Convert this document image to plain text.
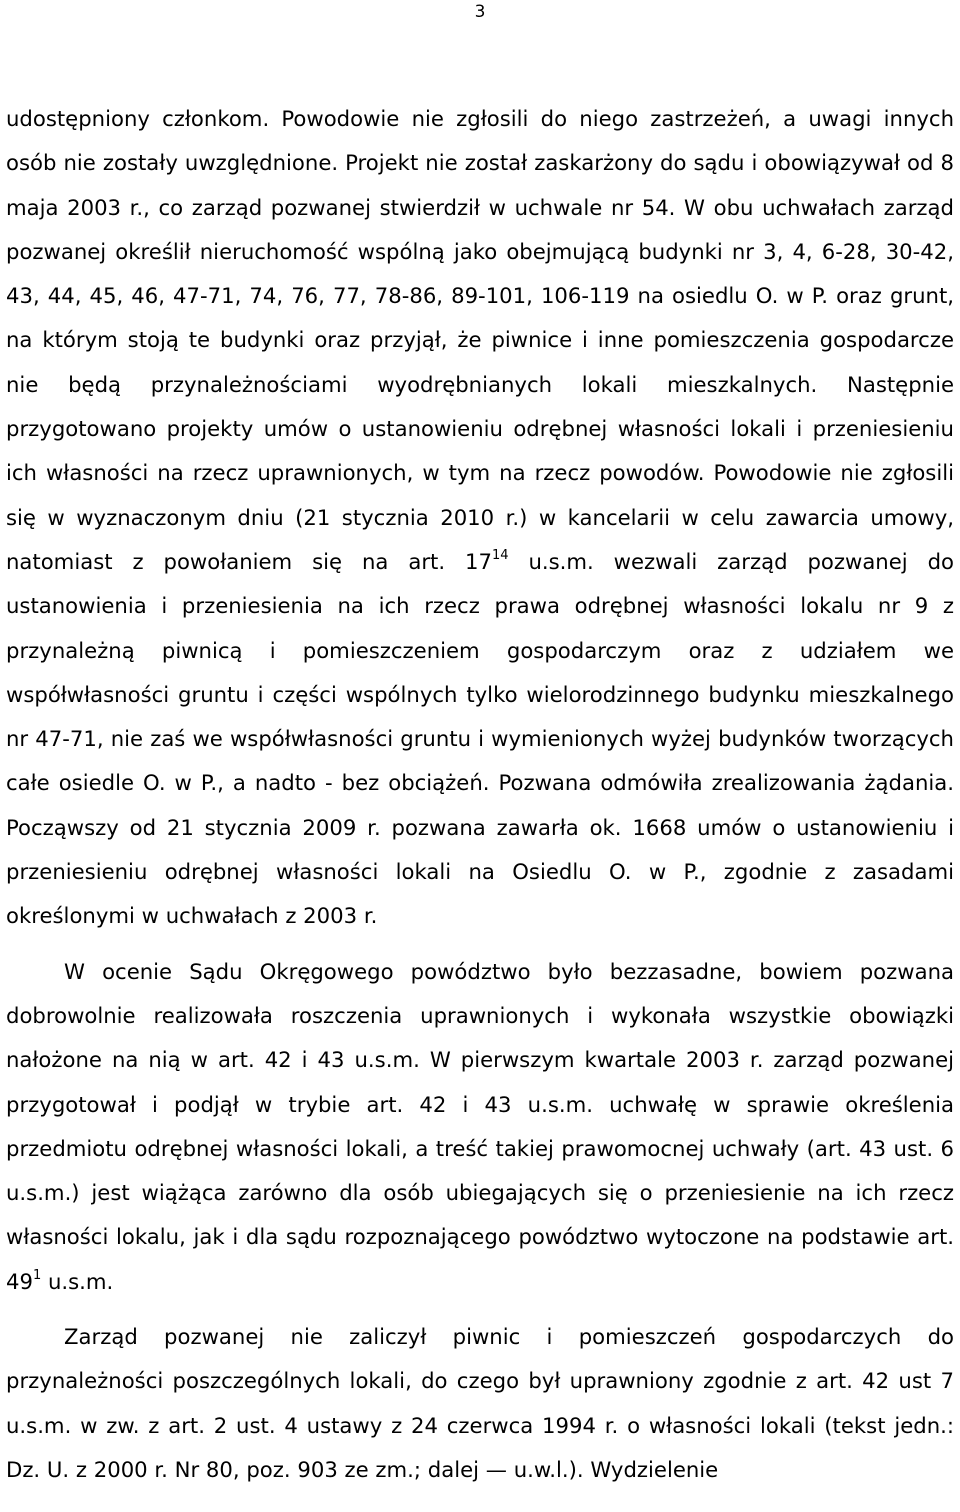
3

udostępniony członkom. Powodowie nie zgłosili do niego zastrzeżeń, a uwagi innych osób nie zostały uwzględnione. Projekt nie został zaskarżony do sądu i obowiązywał od 8 maja 2003 r., co zarząd pozwanej stwierdził w uchwale nr 54. W obu uchwałach zarząd pozwanej określił nieruchomość wspólną jako obejmującą budynki nr 3, 4, 6-28, 30-42, 43, 44, 45, 46, 47-71, 74, 76, 77, 78-86, 89-101, 106-119 na osiedlu O. w P. oraz grunt, na którym stoją te budynki oraz przyjął, że piwnice i inne pomieszczenia gospodarcze nie będą przynależnościami wyodrębnianych lokali mieszkalnych. Następnie przygotowano projekty umów o ustanowieniu odrębnej własności lokali i przeniesieniu ich własności na rzecz uprawnionych, w tym na rzecz powodów. Powodowie nie zgłosili się w wyznaczonym dniu (21 stycznia 2010 r.) w kancelarii w celu zawarcia umowy, natomiast z powołaniem się na art. $17^{14}$ u.s.m. wezwali zarząd pozwanej do ustanowienia i przeniesienia na ich rzecz prawa odrębnej własności lokalu nr 9 z przynależną piwnicą i pomieszczeniem gospodarczym oraz z udziałem we współwłasności gruntu i części wspólnych tylko wielorodzinnego budynku mieszkalnego nr 47-71, nie zaś we współwłasności gruntu i wymienionych wyżej budynków tworzących całe osiedle O. w P., a nadto - bez obciążeń. Pozwana odmówiła zrealizowania żądania. Począwszy od 21 stycznia 2009 r. pozwana zawarła ok. 1668 umów o ustanowieniu i przeniesieniu odrębnej własności lokali na Osiedlu O. w P., zgodnie z zasadami określonymi w uchwałach z 2003 r.

W ocenie Sądu Okręgowego powództwo było bezzasadne, bowiem pozwana dobrowolnie realizowała roszczenia uprawnionych i wykonała wszystkie obowiązki nałożone na nią w art. 42 i 43 u.s.m. W pierwszym kwartale 2003 r. zarząd pozwanej przygotował i podjął w trybie art. 42 i 43 u.s.m. uchwałę w sprawie określenia przedmiotu odrębnej własności lokali, a treść takiej prawomocnej uchwały (art. 43 ust. 6 u.s.m.) jest wiążąca zarówno dla osób ubiegających się o przeniesienie na ich rzecz własności lokalu, jak i dla sądu rozpoznającego powództwo wytoczone na podstawie art. $49^1$ u.s.m.

Zarząd pozwanej nie zaliczył piwnic i pomieszczeń gospodarczych do przynależności poszczególnych lokali, do czego był uprawniony zgodnie z art. 42 ust 7 u.s.m. w zw. z art. 2 ust. 4 ustawy z 24 czerwca 1994 r. o własności lokali (tekst jedn.: Dz. U. z 2000 r. Nr 80, poz. 903 ze zm.; dalej — u.w.l.). Wydzielenie
